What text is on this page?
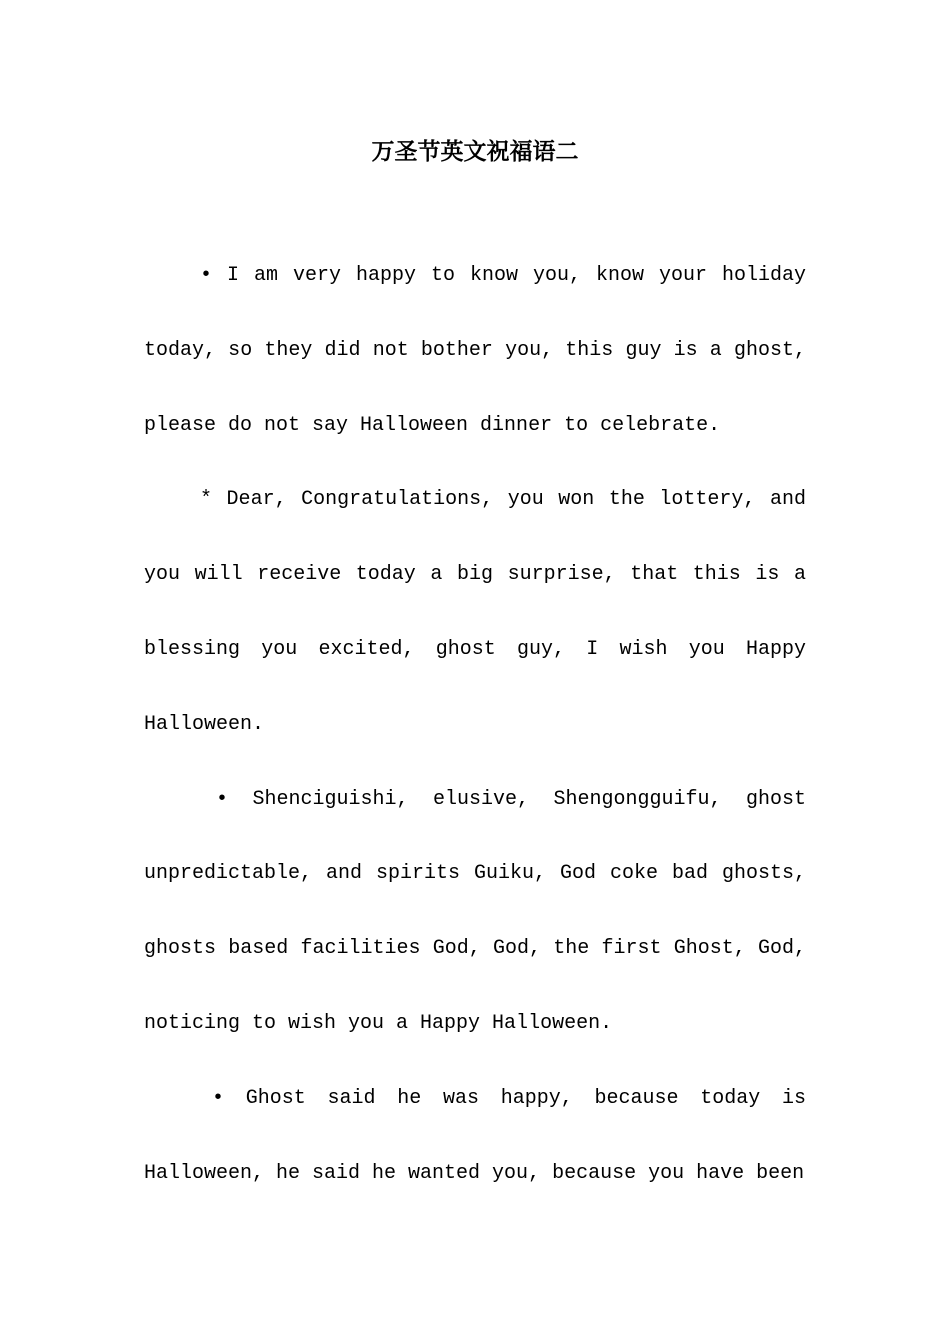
万圣节英文祝福语二

• I am very happy to know you, know your holiday today, so they did not bother you, this guy is a ghost, please do not say Halloween dinner to celebrate.

* Dear, Congratulations, you won the lottery, and you will receive today a big surprise, that this is a blessing you excited, ghost guy, I wish you Happy Halloween.

• Shenciguishi, elusive, Shengongguifu, ghost unpredictable, and spirits Guiku, God coke bad ghosts, ghosts based facilities God, God, the first Ghost, God, noticing to wish you a Happy Halloween.

• Ghost said he was happy, because today is Halloween, he said he wanted you, because you have been
